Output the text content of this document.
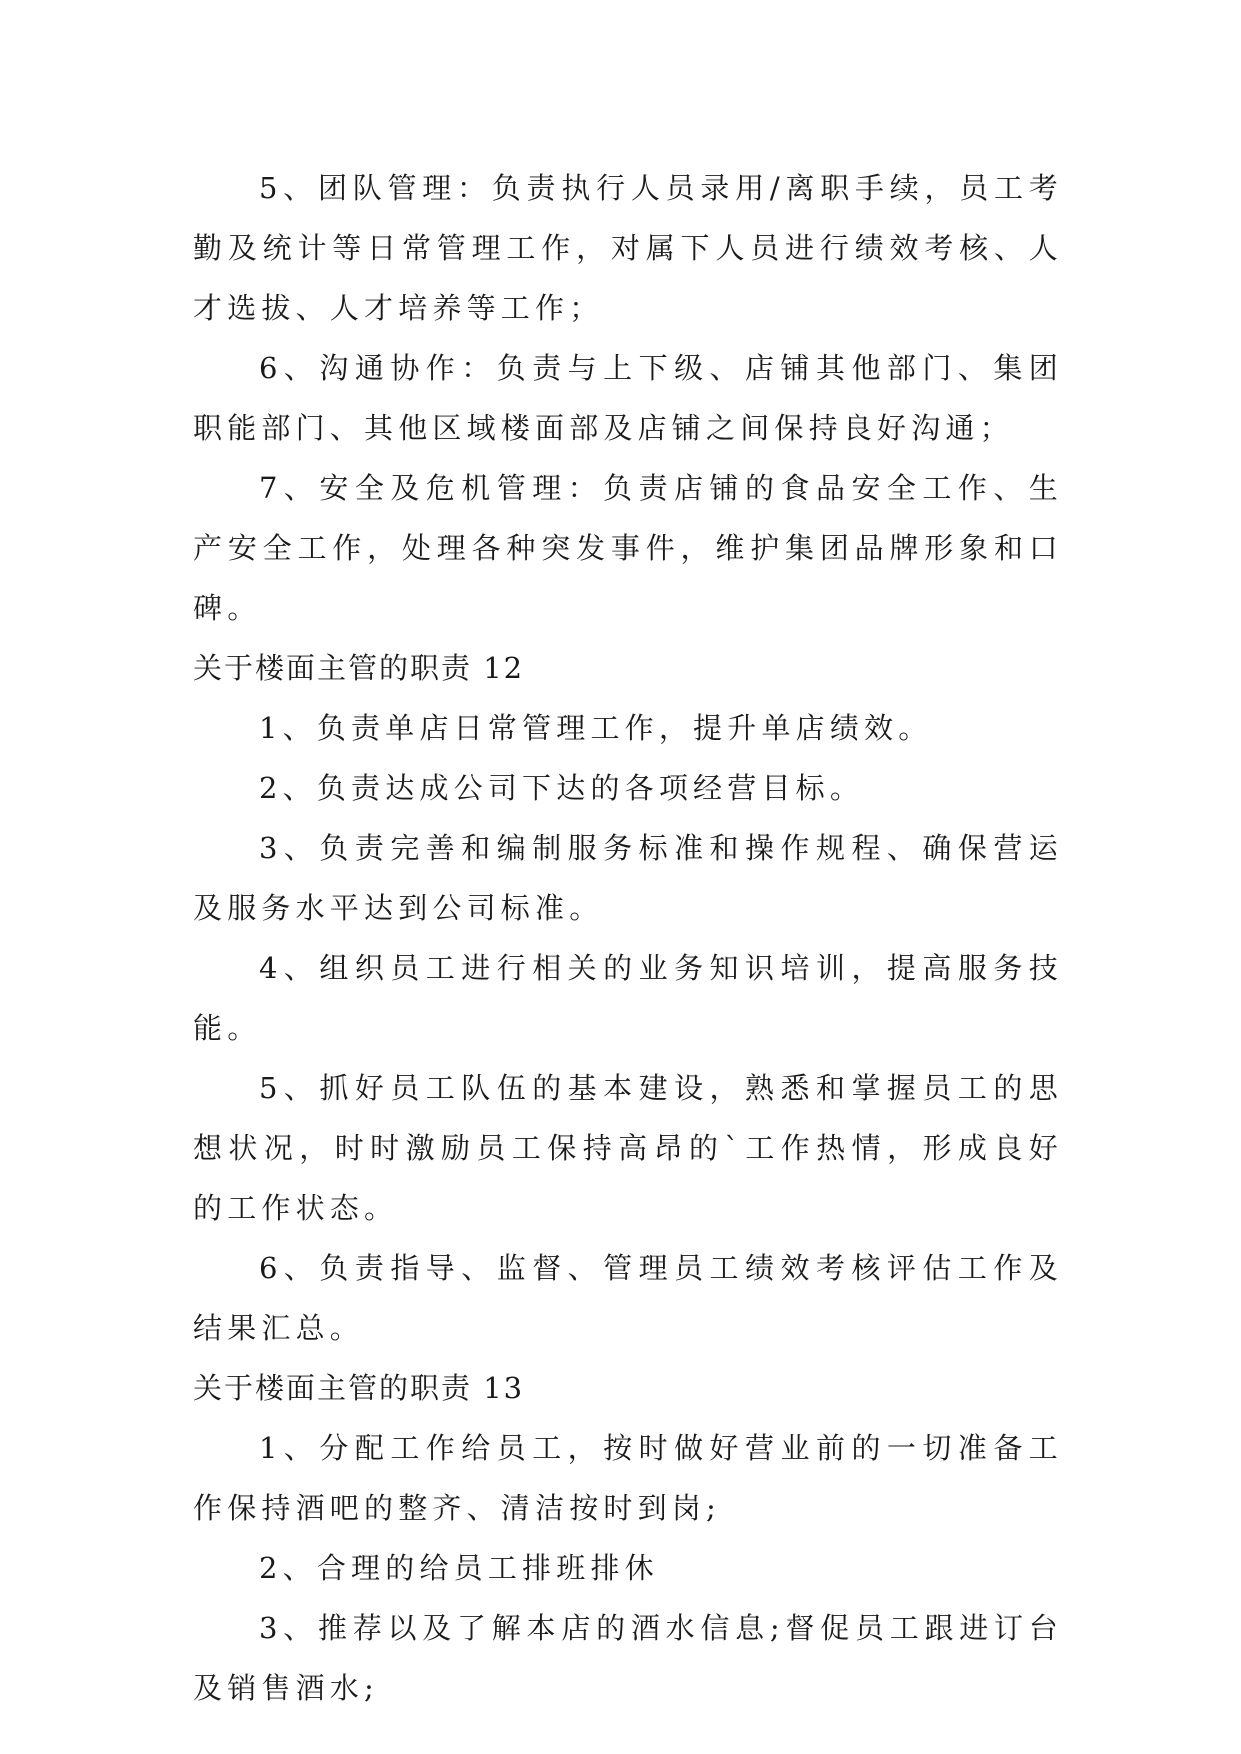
5、团队管理：负责执行人员录用/离职手续，员工考勤及统计等日常管理工作，对属下人员进行绩效考核、人才选拔、人才培养等工作；

6、沟通协作：负责与上下级、店铺其他部门、集团职能部门、其他区域楼面部及店铺之间保持良好沟通；

7、安全及危机管理：负责店铺的食品安全工作、生产安全工作，处理各种突发事件，维护集团品牌形象和口碑。

关于楼面主管的职责 12

1、负责单店日常管理工作，提升单店绩效。

2、负责达成公司下达的各项经营目标。

3、负责完善和编制服务标准和操作规程、确保营运及服务水平达到公司标准。

4、组织员工进行相关的业务知识培训，提高服务技能。

5、抓好员工队伍的基本建设，熟悉和掌握员工的思想状况，时时激励员工保持高昂的`工作热情，形成良好的工作状态。

6、负责指导、监督、管理员工绩效考核评估工作及结果汇总。

关于楼面主管的职责 13

1、分配工作给员工，按时做好营业前的一切准备工作保持酒吧的整齐、清洁按时到岗;

2、合理的给员工排班排休

3、推荐以及了解本店的酒水信息;督促员工跟进订台及销售酒水;
